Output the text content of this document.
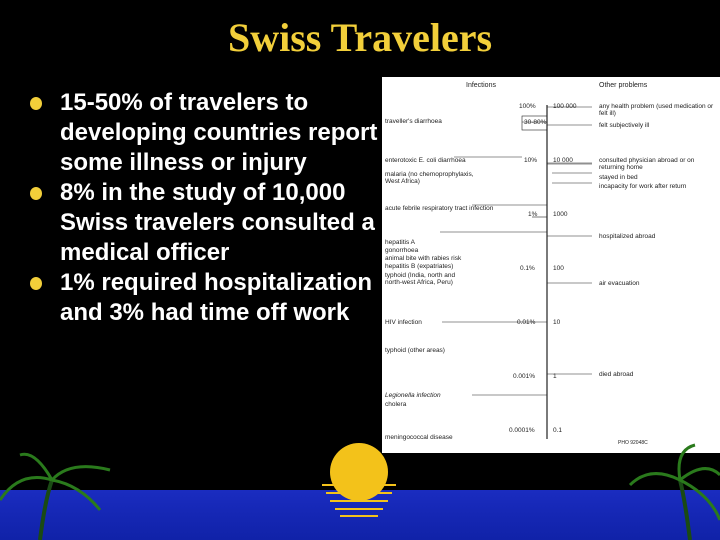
Swiss Travelers
15-50% of travelers to developing countries report some illness or injury
8% in the study of 10,000 Swiss travelers consulted a medical officer
1% required hospitalization and 3% had time off work
Infections	Other problems
traveller's diarrhoea
enterotoxic E. coli diarrhoea
malaria (no chemoprophylaxis, West Africa)
acute febrile respiratory tract infection
hepatitis A
gonorrhoea
animal bite with rabies risk
hepatitis B (expatriates)
typhoid (India, north and north-west Africa, Peru)
HIV infection
typhoid (other areas)
Legionella infection
cholera
meningococcal disease
30-80%
100%
10%
1%
0.1%
0.01%
0.001%
0.0001%
100 000
10 000
1000
100
10
1
0.1
any health problem (used medication or felt ill)
felt subjectively ill
consulted physician abroad or on returning home
stayed in bed
incapacity for work after return
hospitalized abroad
air evacuation
died abroad
PHO 92048C
